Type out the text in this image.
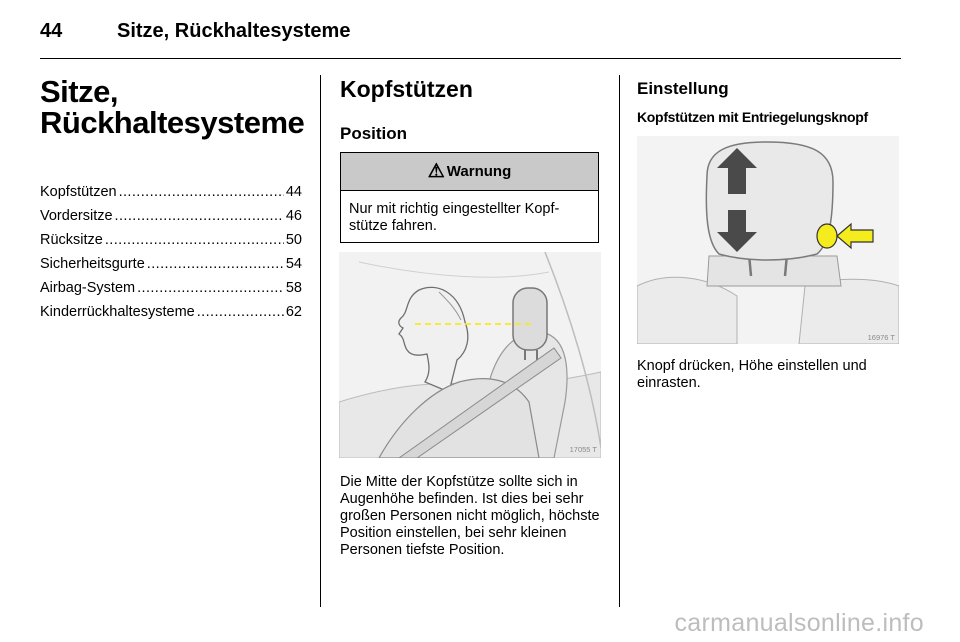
44	Sitze, Rückhaltesysteme
Sitze,
Rückhaltesysteme
Kopfstützen .....	44
Vordersitze .....	46
Rücksitze .....	50
Sicherheitsgurte .....	54
Airbag-System .....	58
Kinderrückhaltesysteme .....	62
Kopfstützen
Position
⚠ Warnung
Nur mit richtig eingestellter Kopf-stütze fahren.
17055 T

Die Mitte der Kopfstütze sollte sich in Augenhöhe befinden. Ist dies bei sehr großen Personen nicht möglich, höchste Position einstellen, bei sehr kleinen Personen tiefste Position.

Einstellung
Kopfstützen mit Entriegelungsknopf
16976 T

Knopf drücken, Höhe einstellen und einrasten.

carmanualsonline.info
